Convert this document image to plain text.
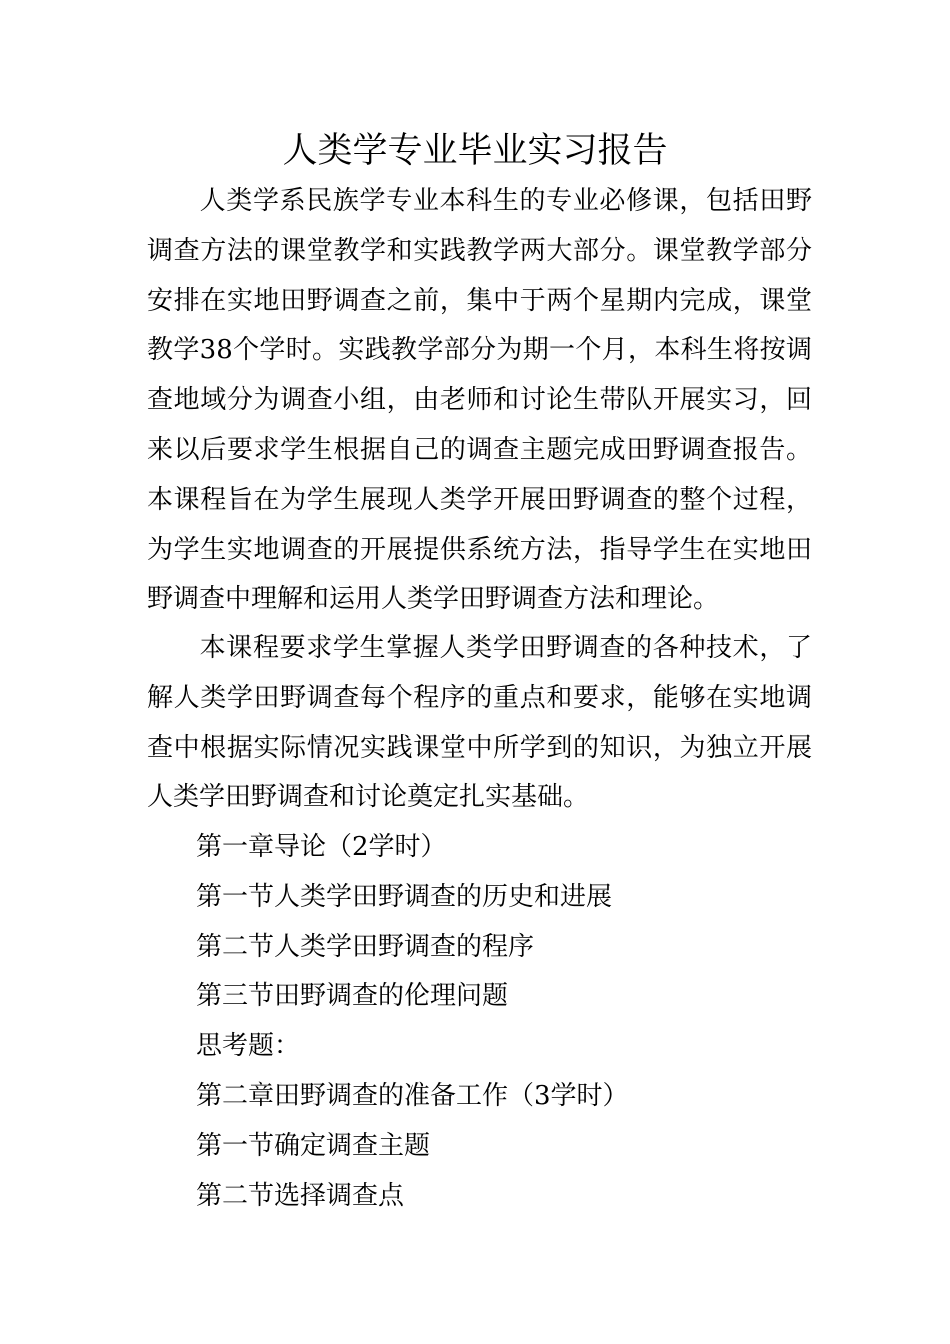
人类学专业毕业实习报告

人类学系民族学专业本科生的专业必修课，包括田野调查方法的课堂教学和实践教学两大部分。课堂教学部分安排在实地田野调查之前，集中于两个星期内完成，课堂教学38个学时。实践教学部分为期一个月，本科生将按调查地域分为调查小组，由老师和讨论生带队开展实习，回来以后要求学生根据自己的调查主题完成田野调查报告。本课程旨在为学生展现人类学开展田野调查的整个过程，为学生实地调查的开展提供系统方法，指导学生在实地田野调查中理解和运用人类学田野调查方法和理论。

本课程要求学生掌握人类学田野调查的各种技术，了解人类学田野调查每个程序的重点和要求，能够在实地调查中根据实际情况实践课堂中所学到的知识，为独立开展人类学田野调查和讨论奠定扎实基础。

第一章导论（2学时）
第一节人类学田野调查的历史和进展
第二节人类学田野调查的程序
第三节田野调查的伦理问题
思考题：
第二章田野调查的准备工作（3学时）
第一节确定调查主题
第二节选择调查点
